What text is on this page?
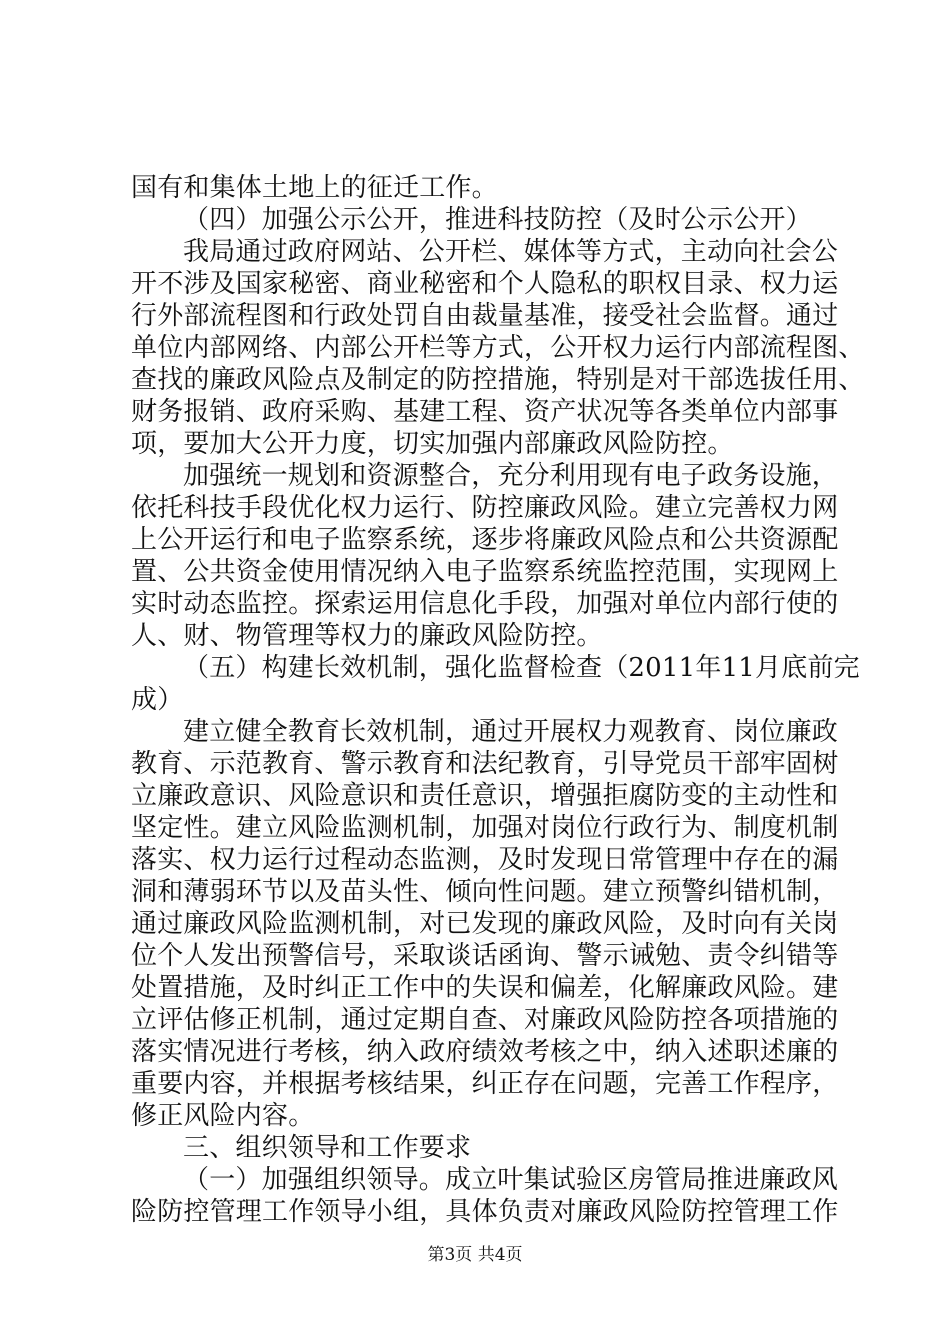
国有和集体土地上的征迁工作。
（四）加强公示公开，推进科技防控（及时公示公开）
我局通过政府网站、公开栏、媒体等方式，主动向社会公
开不涉及国家秘密、商业秘密和个人隐私的职权目录、权力运
行外部流程图和行政处罚自由裁量基准，接受社会监督。通过
单位内部网络、内部公开栏等方式，公开权力运行内部流程图、
查找的廉政风险点及制定的防控措施，特别是对干部选拔任用、
财务报销、政府采购、基建工程、资产状况等各类单位内部事
项，要加大公开力度，切实加强内部廉政风险防控。
加强统一规划和资源整合，充分利用现有电子政务设施，
依托科技手段优化权力运行、防控廉政风险。建立完善权力网
上公开运行和电子监察系统，逐步将廉政风险点和公共资源配
置、公共资金使用情况纳入电子监察系统监控范围，实现网上
实时动态监控。探索运用信息化手段，加强对单位内部行使的
人、财、物管理等权力的廉政风险防控。
（五）构建长效机制，强化监督检查（2011年11月底前完
成）
建立健全教育长效机制，通过开展权力观教育、岗位廉政
教育、示范教育、警示教育和法纪教育，引导党员干部牢固树
立廉政意识、风险意识和责任意识，增强拒腐防变的主动性和
坚定性。建立风险监测机制，加强对岗位行政行为、制度机制
落实、权力运行过程动态监测，及时发现日常管理中存在的漏
洞和薄弱环节以及苗头性、倾向性问题。建立预警纠错机制，
通过廉政风险监测机制，对已发现的廉政风险，及时向有关岗
位个人发出预警信号，采取谈话函询、警示诫勉、责令纠错等
处置措施，及时纠正工作中的失误和偏差，化解廉政风险。建
立评估修正机制，通过定期自查、对廉政风险防控各项措施的
落实情况进行考核，纳入政府绩效考核之中，纳入述职述廉的
重要内容，并根据考核结果，纠正存在问题，完善工作程序，
修正风险内容。
三、组织领导和工作要求
（一）加强组织领导。成立叶集试验区房管局推进廉政风
险防控管理工作领导小组，具体负责对廉政风险防控管理工作
第3页 共4页
